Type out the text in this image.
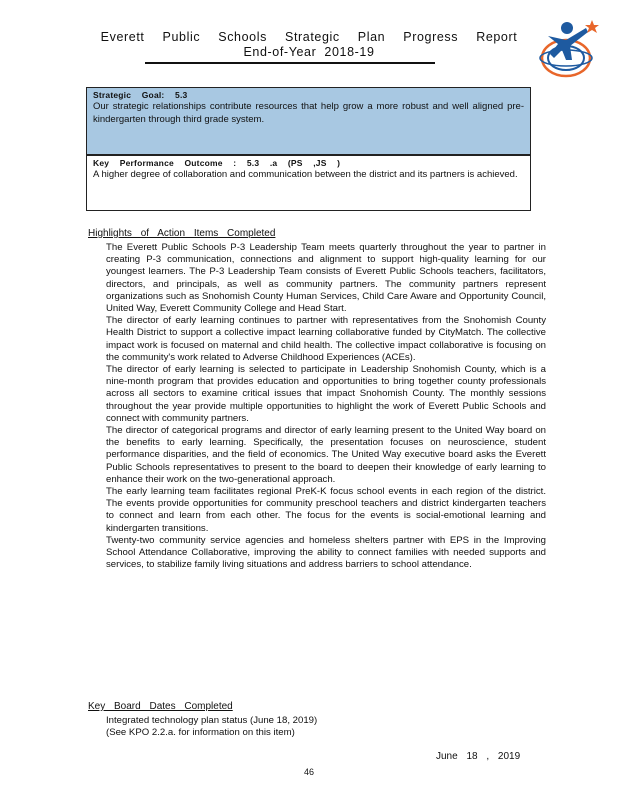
Everett Public Schools Strategic Plan Progress Report
End-of-Year 2018-19
Strategic Goal: 5.3
Our strategic relationships contribute resources that help grow a more robust and well aligned pre-kindergarten through third grade system.
Key Performance Outcome : 5.3 .a (PS ,JS )
A higher degree of collaboration and communication between the district and its partners is achieved.
Highlights of Action Items Completed
The Everett Public Schools P-3 Leadership Team meets quarterly throughout the year to partner in creating P-3 communication, connections and alignment to support high-quality learning for our youngest learners. The P-3 Leadership Team consists of Everett Public Schools teachers, facilitators, directors, and principals, as well as community partners. The community partners represent organizations such as Snohomish County Human Services, Child Care Aware and Opportunity Council, United Way, Everett Community College and Head Start.
The director of early learning continues to partner with representatives from the Snohomish County Health District to support a collective impact learning collaborative funded by CityMatch. The collective impact work is focused on maternal and child health. The collective impact collaborative is focusing on the community's work related to Adverse Childhood Experiences (ACEs).
The director of early learning is selected to participate in Leadership Snohomish County, which is a nine-month program that provides education and opportunities to bring together county professionals across all sectors to examine critical issues that impact Snohomish County. The monthly sessions throughout the year provide multiple opportunities to highlight the work of Everett Public Schools and connect with community partners.
The director of categorical programs and director of early learning present to the United Way board on the benefits to early learning. Specifically, the presentation focuses on neuroscience, student performance disparities, and the field of economics. The United Way executive board asks the Everett Public Schools representatives to present to the board to deepen their knowledge of early learning to enhance their work on the two-generational approach.
The early learning team facilitates regional PreK-K focus school events in each region of the district. The events provide opportunities for community preschool teachers and district kindergarten teachers to connect and learn from each other. The focus for the events is social-emotional learning and kindergarten transitions.
Twenty-two community service agencies and homeless shelters partner with EPS in the Improving School Attendance Collaborative, improving the ability to connect families with needed supports and services, to stabilize family living situations and address barriers to school attendance.
Key Board Dates Completed
Integrated technology plan status (June 18, 2019)
(See KPO 2.2.a. for information on this item)
June 18 , 2019
46
